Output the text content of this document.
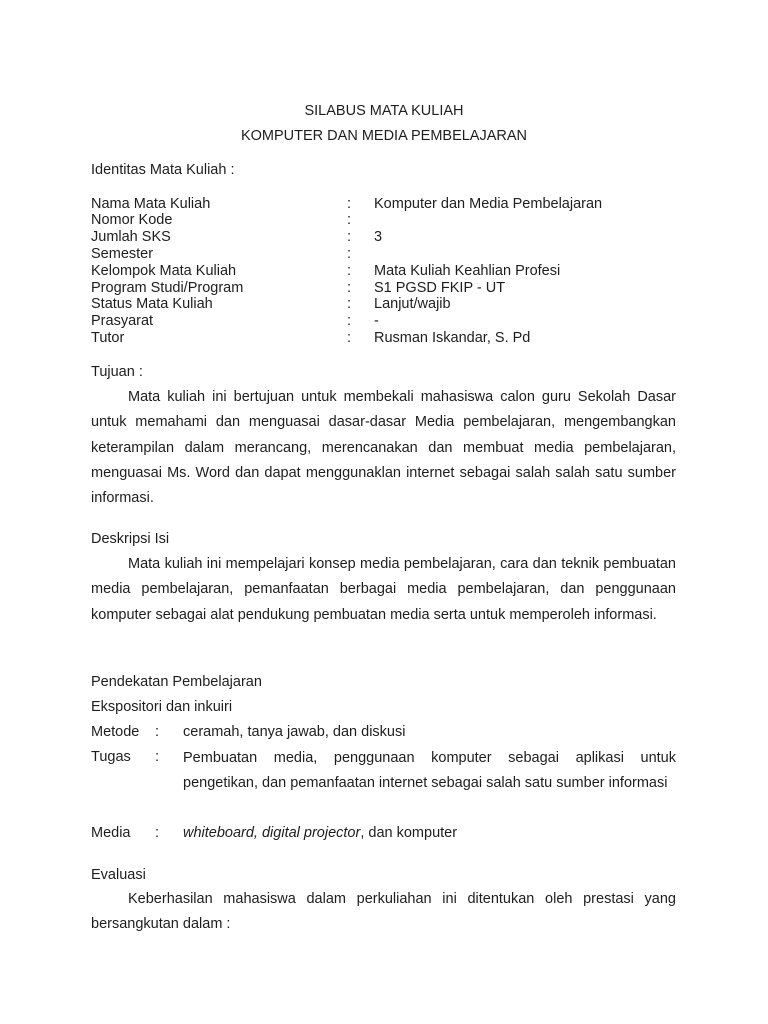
SILABUS MATA KULIAH
KOMPUTER DAN MEDIA PEMBELAJARAN
Identitas Mata Kuliah :
Nama Mata Kuliah	: Komputer dan Media Pembelajaran
Nomor Kode	:
Jumlah SKS	: 3
Semester	:
Kelompok Mata Kuliah	: Mata Kuliah Keahlian Profesi
Program Studi/Program	: S1 PGSD FKIP - UT
Status Mata Kuliah	: Lanjut/wajib
Prasyarat	: -
Tutor	: Rusman Iskandar, S. Pd
Tujuan :

Mata kuliah ini bertujuan untuk membekali mahasiswa calon guru Sekolah Dasar untuk memahami dan menguasai dasar-dasar Media pembelajaran, mengembangkan keterampilan dalam merancang, merencanakan dan membuat media pembelajaran, menguasai Ms. Word dan dapat menggunaklan internet sebagai salah salah satu sumber informasi.

Deskripsi Isi

Mata kuliah ini mempelajari konsep media pembelajaran, cara dan teknik pembuatan media pembelajaran, pemanfaatan berbagai media pembelajaran, dan penggunaan komputer sebagai alat pendukung pembuatan media serta untuk memperoleh informasi.

Pendekatan Pembelajaran
Ekspositori dan inkuiri
Metode : ceramah, tanya jawab, dan diskusi
Tugas : Pembuatan media, penggunaan komputer sebagai aplikasi untuk pengetikan, dan pemanfaatan internet sebagai salah satu sumber informasi

Media : whiteboard, digital projector, dan komputer
Evaluasi

Keberhasilan mahasiswa dalam perkuliahan ini ditentukan oleh prestasi yang bersangkutan dalam :
